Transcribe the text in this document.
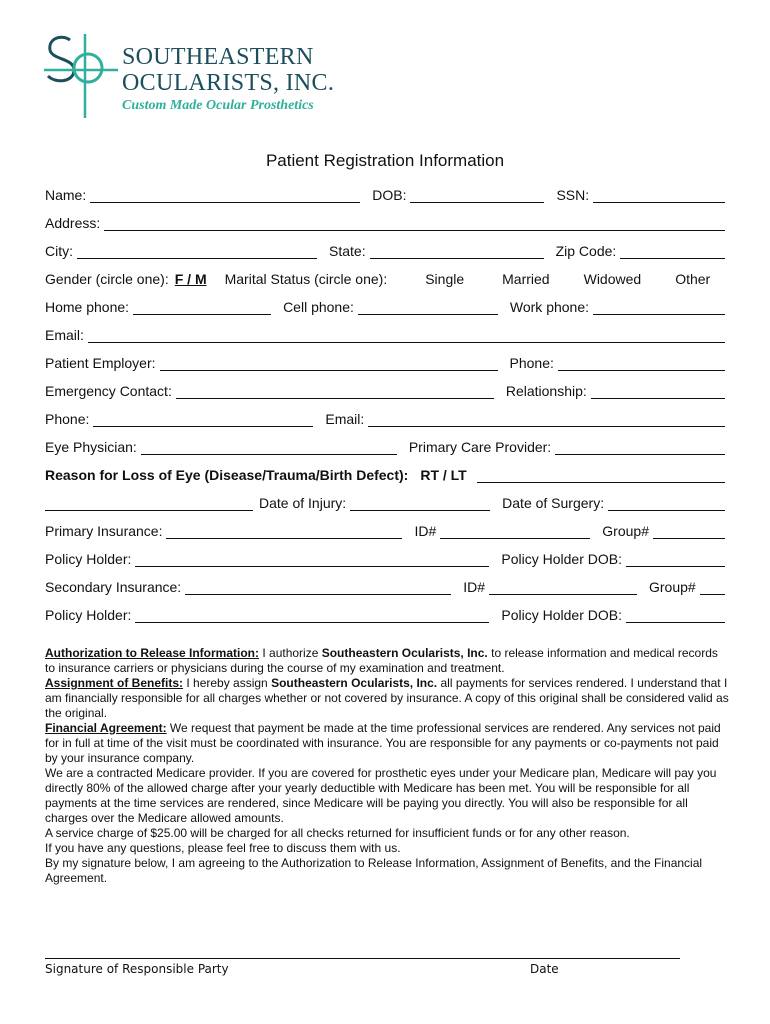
SOUTHEASTERN
OCULARISTS, INC.
Custom Made Ocular Prosthetics
Patient Registration Information
Name:	DOB:	SSN:
Address:
City:	State:	Zip Code:
Gender (circle one): F / M Marital Status (circle one):	Single	Married Widowed Other
Home phone:	Cell phone:	Work phone:
Email:
Patient Employer:	Phone:
Emergency Contact:	Relationship:
Phone:	Email:
Eye Physician:	Primary Care Provider:
Reason for Loss of Eye (Disease/Trauma/Birth Defect): RT / LT
Date of Injury:	Date of Surgery:
Primary Insurance:	ID#	Group#
Policy Holder:	Policy Holder DOB:
Secondary Insurance:	ID#	Group#
Policy Holder:	Policy Holder DOB:

Authorization to Release Information: I authorize Southeastern Ocularists, Inc. to release information and medical records to insurance carriers or physicians during the course of my examination and treatment.

Assignment of Benefits: I hereby assign Southeastern Ocularists, Inc. all payments for services rendered. I understand that I am financially responsible for all charges whether or not covered by insurance. A copy of this original shall be considered valid as the original.

Financial Agreement: We request that payment be made at the time professional services are rendered. Any services not paid for in full at time of the visit must be coordinated with insurance. You are responsible for any payments or co-payments not paid by your insurance company.

We are a contracted Medicare provider. If you are covered for prosthetic eyes under your Medicare plan, Medicare will pay you directly 80% of the allowed charge after your yearly deductible with Medicare has been met. You will be responsible for all payments at the time services are rendered, since Medicare will be paying you directly. You will also be responsible for all charges over the Medicare allowed amounts.

A service charge of $25.00 will be charged for all checks returned for insufficient funds or for any other reason.

If you have any questions, please feel free to discuss them with us.

By my signature below, I am agreeing to the Authorization to Release Information, Assignment of Benefits, and the Financial Agreement.

Signature of Responsible Party	Date
